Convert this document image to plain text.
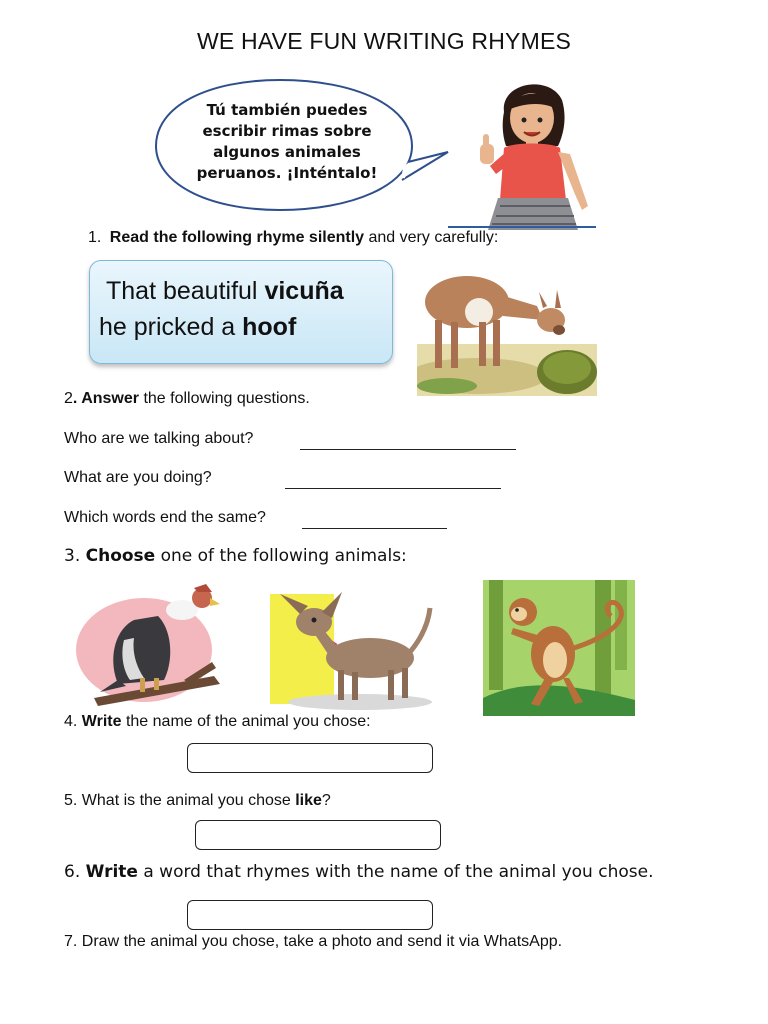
WE HAVE FUN WRITING RHYMES
Tú también puedes
escribir rimas sobre
algunos animales
peruanos. ¡Inténtalo!
1. Read the following rhyme silently and very carefully:
That beautiful vicuña
he pricked a hoof
2. Answer the following questions.
Who are we talking about?
What are you doing?
Which words end the same?
3. Choose one of the following animals:
4. Write the name of the animal you chose:
5. What is the animal you chose like?
6. Write a word that rhymes with the name of the animal you chose.
7. Draw the animal you chose, take a photo and send it via WhatsApp.
